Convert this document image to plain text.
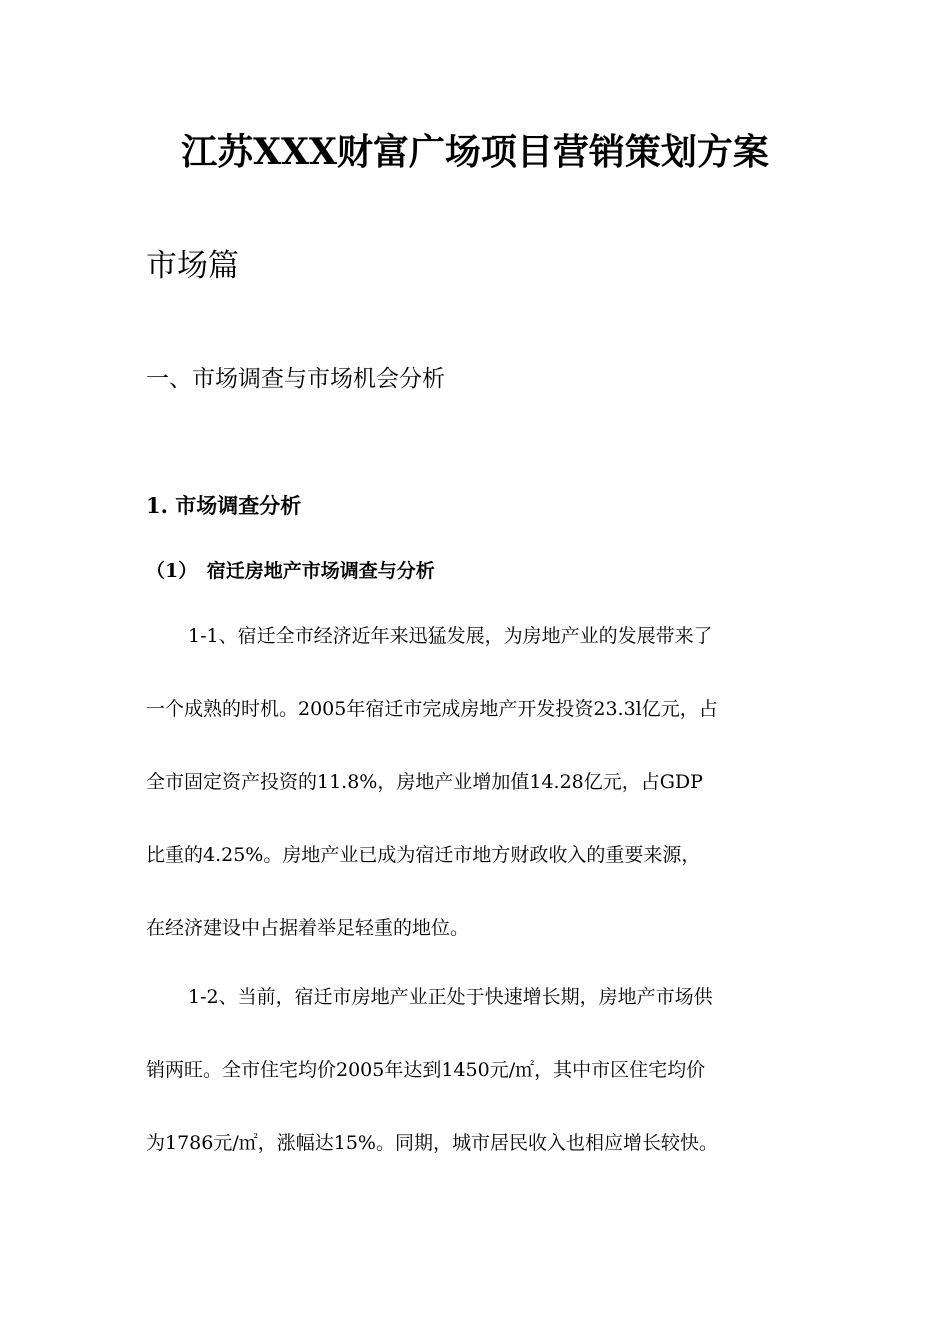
江苏XXX财富广场项目营销策划方案
市场篇
一、市场调查与市场机会分析
1. 市场调查分析
（1）　宿迁房地产市场调查与分析
1-1、宿迁全市经济近年来迅猛发展，为房地产业的发展带来了
一个成熟的时机。2005年宿迁市完成房地产开发投资23.3l亿元，占
全市固定资产投资的11.8%，房地产业增加值14.28亿元，占GDP
比重的4.25%。房地产业已成为宿迁市地方财政收入的重要来源，
在经济建设中占据着举足轻重的地位。
1-2、当前，宿迁市房地产业正处于快速增长期，房地产市场供
销两旺。全市住宅均价2005年达到1450元/㎡，其中市区住宅均价
为1786元/㎡，涨幅达15%。同期，城市居民收入也相应增长较快。
